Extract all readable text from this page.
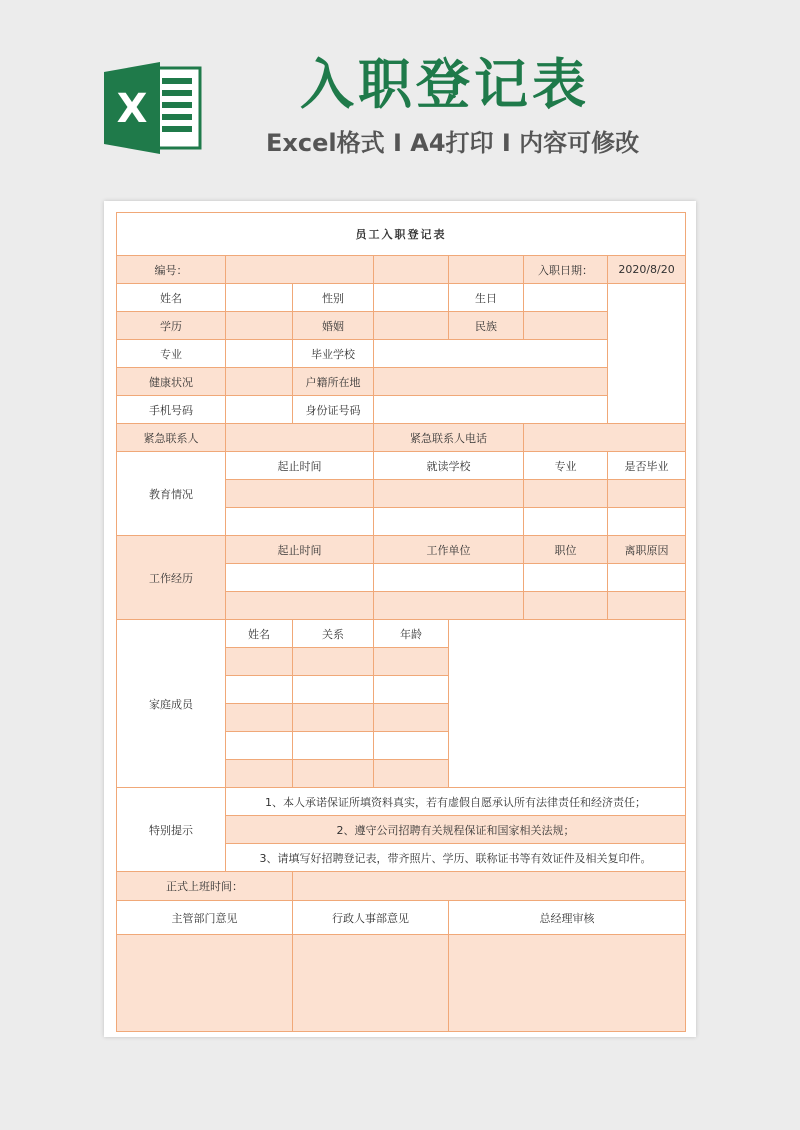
X	入职登记表
Excel格式 Ⅰ A4打印 Ⅰ 内容可修改
员工入职登记表						
编号：					入职日期：	2020/8/20
姓名		性别		生日		
学历		婚姻		民族		
专业		毕业学校				
健康状况		户籍所在地				
手机号码		身份证号码				
紧急联系人			紧急联系人电话			
教育情况	起止时间		就读学校		专业	是否毕业

工作经历	起止时间		工作单位		职位	离职原因

家庭成员	姓名	关系	年龄			

特别提示	1、本人承诺保证所填资料真实，若有虚假自愿承认所有法律责任和经济责任；					
	2、遵守公司招聘有关规程保证和国家相关法规；					
	3、请填写好招聘登记表，带齐照片、学历、联称证书等有效证件及相关复印件。					
正式上班时间：						
主管部门意见		行政人事部意见		总经理审核		
